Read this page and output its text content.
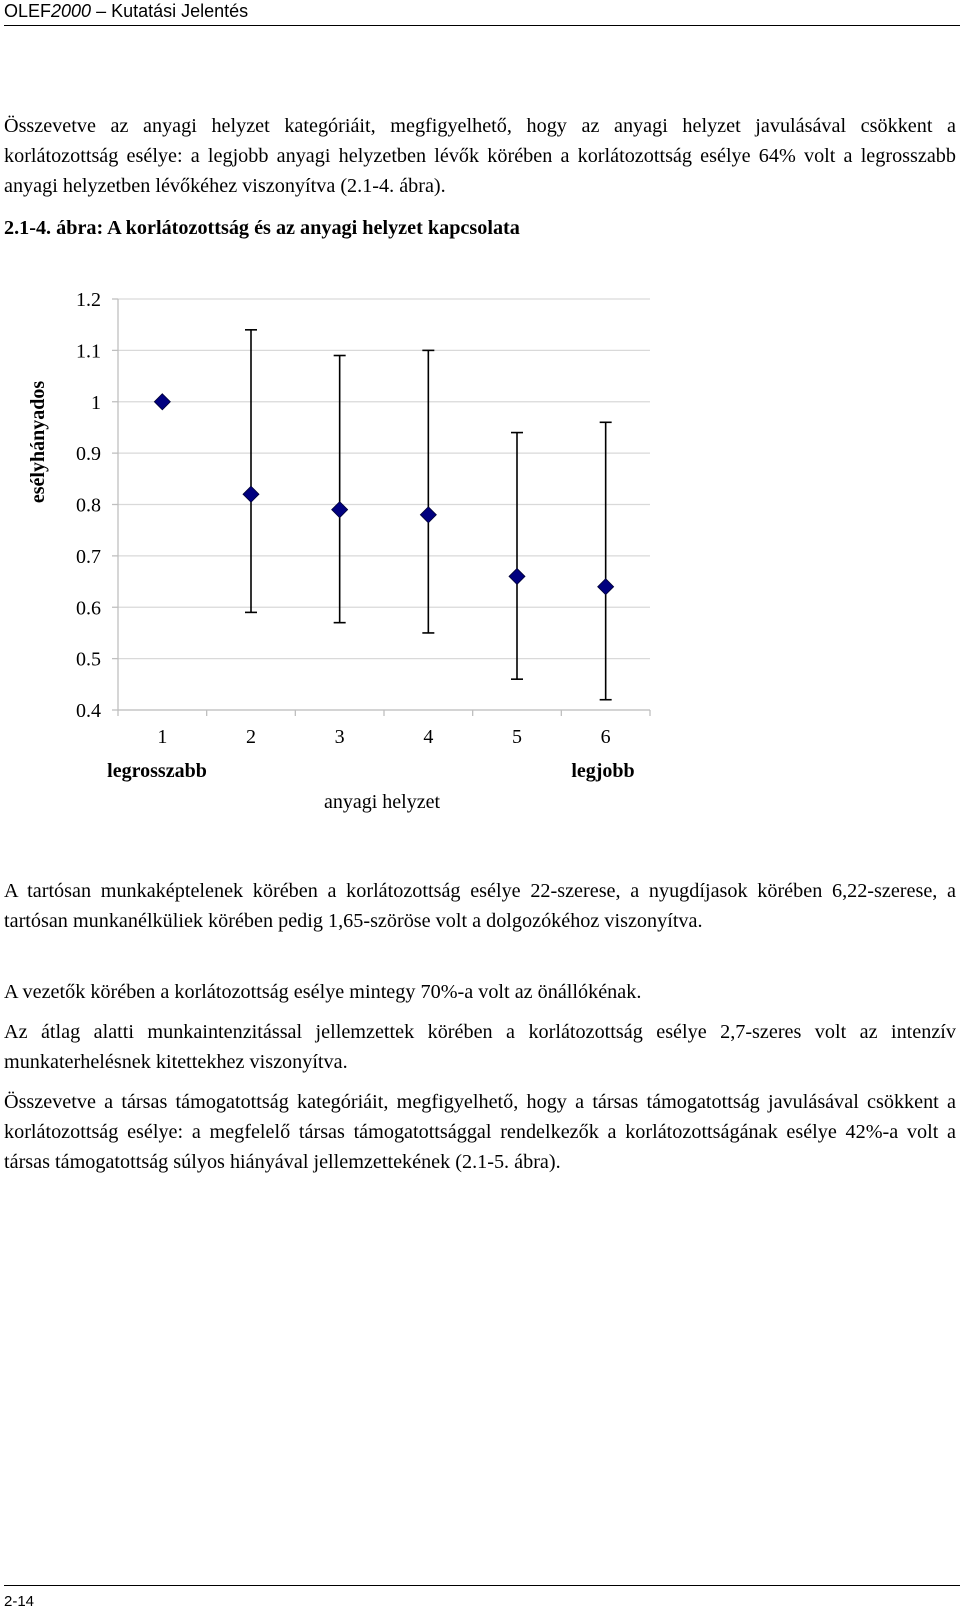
OLEF2000 – Kutatási Jelentés

Összevetve az anyagi helyzet kategóriáit, megfigyelhető, hogy az anyagi helyzet javulásával csökkent a korlátozottság esélye: a legjobb anyagi helyzetben lévők körében a korlátozottság esélye 64% volt a legrosszabb anyagi helyzetben lévőkéhez viszonyítva (2.1-4. ábra).

2.1-4. ábra: A korlátozottság és az anyagi helyzet kapcsolata
1.2
1.1
1
0.9
0.8
0.7
0.6
0.5
0.4
1	2	3	4	5	6
esélyhányados
legrosszabb	legjobb
anyagi helyzet

A tartósan munkaképtelenek körében a korlátozottság esélye 22-szerese, a nyugdíjasok körében 6,22-szerese, a tartósan munkanélküliek körében pedig 1,65-szöröse volt a dolgozókéhoz viszonyítva.

A vezetők körében a korlátozottság esélye mintegy 70%-a volt az önállókénak.

Az átlag alatti munkaintenzitással jellemzettek körében a korlátozottság esélye 2,7-szeres volt az intenzív munkaterhelésnek kitettekhez viszonyítva.

Összevetve a társas támogatottság kategóriáit, megfigyelhető, hogy a társas támogatottság javulásával csökkent a korlátozottság esélye: a megfelelő társas támogatottsággal rendelkezők a korlátozottságának esélye 42%-a volt a társas támogatottság súlyos hiányával jellemzettekének (2.1-5. ábra).

2-14
